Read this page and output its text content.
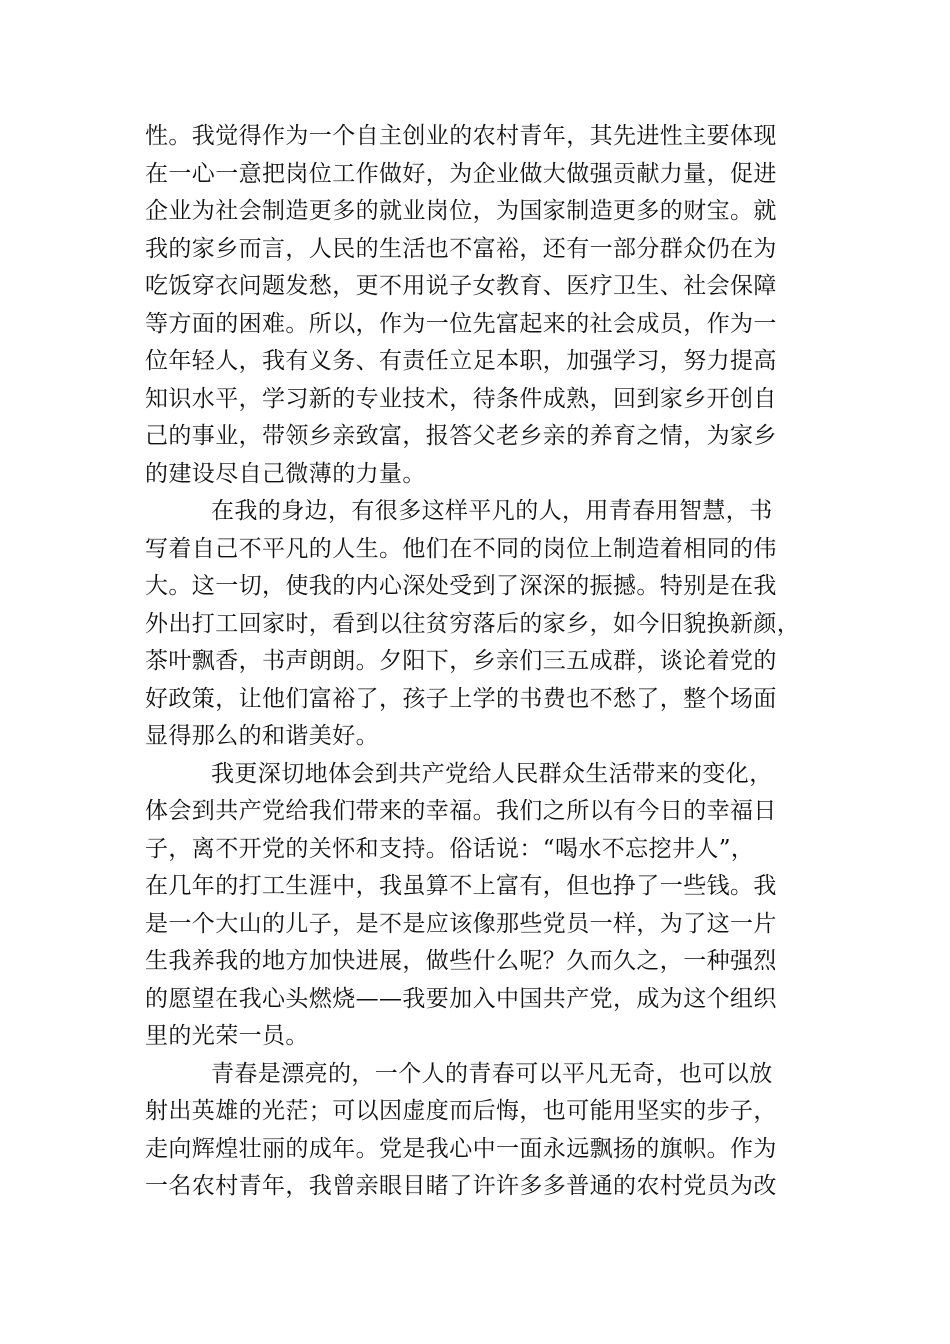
性。我觉得作为一个自主创业的农村青年，其先进性主要体现
在一心一意把岗位工作做好，为企业做大做强贡献力量，促进
企业为社会制造更多的就业岗位，为国家制造更多的财宝。就
我的家乡而言，人民的生活也不富裕，还有一部分群众仍在为
吃饭穿衣问题发愁，更不用说子女教育、医疗卫生、社会保障
等方面的困难。所以，作为一位先富起来的社会成员，作为一
位年轻人，我有义务、有责任立足本职，加强学习，努力提高
知识水平，学习新的专业技术，待条件成熟，回到家乡开创自
己的事业，带领乡亲致富，报答父老乡亲的养育之情，为家乡
的建设尽自己微薄的力量。
在我的身边，有很多这样平凡的人，用青春用智慧，书
写着自己不平凡的人生。他们在不同的岗位上制造着相同的伟
大。这一切，使我的内心深处受到了深深的振撼。特别是在我
外出打工回家时，看到以往贫穷落后的家乡，如今旧貌换新颜，
茶叶飘香，书声朗朗。夕阳下，乡亲们三五成群，谈论着党的
好政策，让他们富裕了，孩子上学的书费也不愁了，整个场面
显得那么的和谐美好。
我更深切地体会到共产党给人民群众生活带来的变化，
体会到共产党给我们带来的幸福。我们之所以有今日的幸福日
子，离不开党的关怀和支持。俗话说：“喝水不忘挖井人”，
在几年的打工生涯中，我虽算不上富有，但也挣了一些钱。我
是一个大山的儿子，是不是应该像那些党员一样，为了这一片
生我养我的地方加快进展，做些什么呢？久而久之，一种强烈
的愿望在我心头燃烧——我要加入中国共产党，成为这个组织
里的光荣一员。
青春是漂亮的，一个人的青春可以平凡无奇，也可以放
射出英雄的光茫；可以因虚度而后悔，也可能用坚实的步子，
走向辉煌壮丽的成年。党是我心中一面永远飘扬的旗帜。作为
一名农村青年，我曾亲眼目睹了许许多多普通的农村党员为改
